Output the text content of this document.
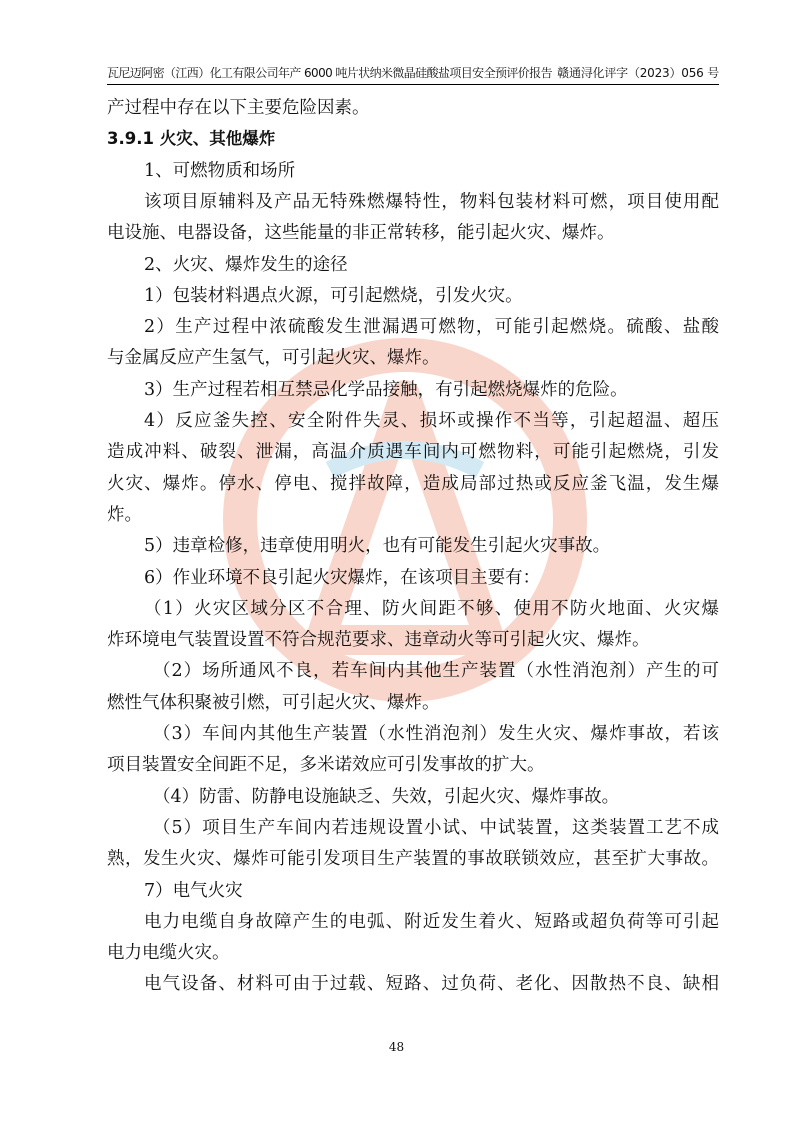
瓦尼迈阿密（江西）化工有限公司年产 6000 吨片状纳米微晶硅酸盐项目安全预评价报告 赣通浔化评字（2023）056 号
产过程中存在以下主要危险因素。
3.9.1 火灾、其他爆炸
1、可燃物质和场所
该项目原辅料及产品无特殊燃爆特性，物料包装材料可燃，项目使用配
电设施、电器设备，这些能量的非正常转移，能引起火灾、爆炸。
2、火灾、爆炸发生的途径
1）包装材料遇点火源，可引起燃烧，引发火灾。
2）生产过程中浓硫酸发生泄漏遇可燃物，可能引起燃烧。硫酸、盐酸
与金属反应产生氢气，可引起火灾、爆炸。
3）生产过程若相互禁忌化学品接触，有引起燃烧爆炸的危险。
4）反应釜失控、安全附件失灵、损坏或操作不当等，引起超温、超压
造成冲料、破裂、泄漏，高温介质遇车间内可燃物料，可能引起燃烧，引发
火灾、爆炸。停水、停电、搅拌故障，造成局部过热或反应釜飞温，发生爆
炸。
5）违章检修，违章使用明火，也有可能发生引起火灾事故。
6）作业环境不良引起火灾爆炸，在该项目主要有：
（1）火灾区域分区不合理、防火间距不够、使用不防火地面、火灾爆
炸环境电气装置设置不符合规范要求、违章动火等可引起火灾、爆炸。
（2）场所通风不良，若车间内其他生产装置（水性消泡剂）产生的可
燃性气体积聚被引燃，可引起火灾、爆炸。
（3）车间内其他生产装置（水性消泡剂）发生火灾、爆炸事故，若该
项目装置安全间距不足，多米诺效应可引发事故的扩大。
（4）防雷、防静电设施缺乏、失效，引起火灾、爆炸事故。
（5）项目生产车间内若违规设置小试、中试装置，这类装置工艺不成
熟，发生火灾、爆炸可能引发项目生产装置的事故联锁效应，甚至扩大事故。
7）电气火灾
电力电缆自身故障产生的电弧、附近发生着火、短路或超负荷等可引起
电力电缆火灾。
电气设备、材料可由于过载、短路、过负荷、老化、因散热不良、缺相
48
